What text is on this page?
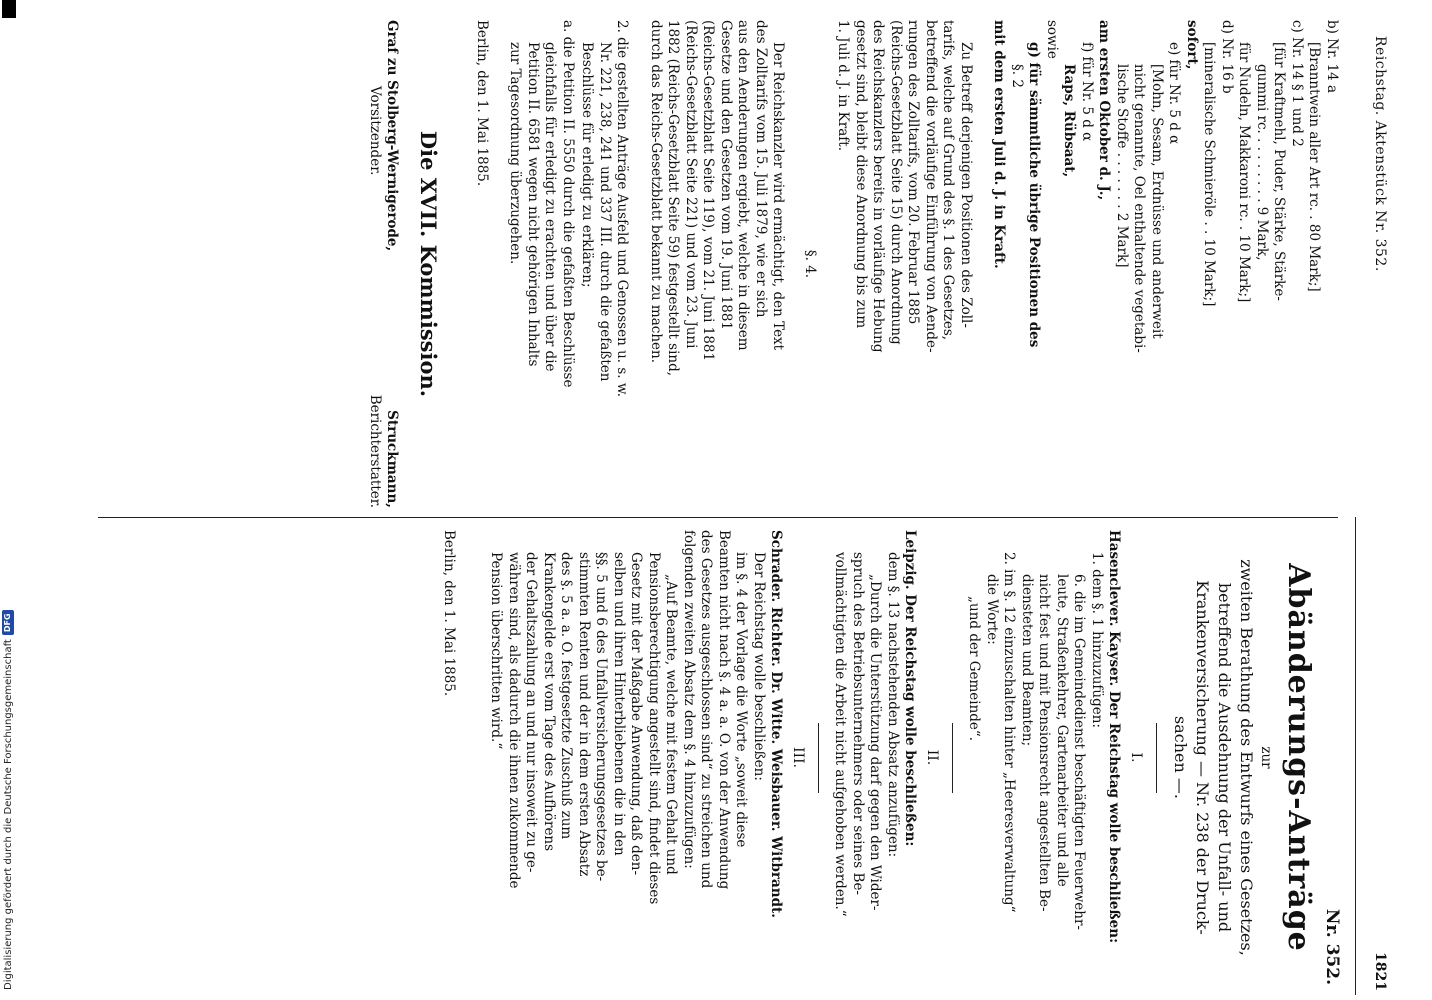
Digitalisierung gefördert durch die Deutsche Forschungsgemeinschaft
DFG
Reichstag. Aktenstück Nr. 352.
1821
b) Nr. 14 a
[Branntwein aller Art rc. . 80 Mark;]
c) Nr. 14 § 1 und 2
[für Kraftmehl, Puder, Stärke, Stärke-
gummi rc. . . . . . . . . 9 Mark,
für Nudeln, Makkaroni rc. . 10 Mark;]
d) Nr. 16 b
[mineralische Schmieröle . . 10 Mark;]
sofort,
e) für Nr. 5 d α
[Mohn, Sesam, Erdnüsse und anderweit
nicht genannte, Oel enthaltende vegetabi-
lische Stoffe . . . . . . . 2 Mark]
am ersten Oktober d. J.,
f) für Nr. 5 d α
Raps, Rübsaat,
sowie
g) für sämmtliche übrige Positionen des
§. 2
mit dem ersten Juli d. J. in Kraft.
Zu Betreff derjenigen Positionen des Zoll-
tarifs, welche auf Grund des §. 1 des Gesetzes,
betreffend die vorläufige Einführung von Aende-
rungen des Zolltarifs, vom 20. Februar 1885
(Reichs-Gesetzblatt Seite 15) durch Anordnung
des Reichskanzlers bereits in vorläufige Hebung
gesetzt sind, bleibt diese Anordnung bis zum
1. Juli d. J. in Kraft.
§. 4.
Der Reichskanzler wird ermächtigt, den Text
des Zolltarifs vom 15. Juli 1879, wie er sich
aus den Aenderungen ergiebt, welche in diesem
Gesetze und den Gesetzen vom 19. Juni 1881
(Reichs-Gesetzblatt Seite 119), vom 21. Juni 1881
(Reichs-Gesetzblatt Seite 221) und vom 23. Juni
1882 (Reichs-Gesetzblatt Seite 59) festgestellt sind,
durch das Reichs-Gesetzblatt bekannt zu machen.
2. die gestellten Anträge Ausfeld und Genossen u. s. w.
Nr. 221, 238, 241 und 337 III. durch die gefaßten
Beschlüsse für erledigt zu erklären;
a. die Petition II. 5550 durch die gefaßten Beschlüsse
gleichfalls für erledigt zu erachten und über die
Petition II. 6581 wegen nicht gehörigen Inhalts
zur Tagesordnung überzugehen.
Berlin, den 1. Mai 1885.
Die XVII. Kommission.
Graf zu Stolberg-Wernigerode,
Vorsitzender.
Struckmann,
Berichterstatter.
Nr. 352.
Abänderungs-Anträge
zur
zweiten Berathung des Entwurfs eines Gesetzes,
betreffend die Ausdehnung der Unfall- und
Krankenversicherung — Nr. 238 der Druck-
sachen —.
I.
Hasenclever. Kayser. Der Reichstag wolle beschließen:
1. dem §. 1 hinzuzufügen:
6. die im Gemeindedienst beschäftigten Feuerwehr-
leute, Straßenkehrer, Gartenarbeiter und alle
nicht fest und mit Pensionsrecht angestellten Be-
diensteten und Beamten;
2. im §. 12 einzuschalten hinter „Heeresverwaltung“
die Worte:
„und der Gemeinde“.
II.
Leipzig. Der Reichstag wolle beschließen:
dem §. 13 nachstehenden Absatz anzufügen:
„Durch die Unterstützung darf gegen den Wider-
spruch des Betriebsunternehmers oder seines Be-
vollmächtigten die Arbeit nicht aufgehoben werden.“
III.
Schrader. Richter. Dr. Witte. Weisbauer. Witbrandt.
Der Reichstag wolle beschließen:
im §. 4 der Vorlage die Worte „soweit diese
Beamten nicht nach §. 4 a. a. O. von der Anwendung
des Gesetzes ausgeschlossen sind“ zu streichen und
folgenden zweiten Absatz dem §. 4 hinzuzufügen:
„Auf Beamte, welche mit festem Gehalt und
Pensionsberechtigung angestellt sind, findet dieses
Gesetz mit der Maßgabe Anwendung, daß den-
selben und ihren Hinterbliebenen die in den
§§. 5 und 6 des Unfallversicherungsgesetzes be-
stimmten Renten und der in dem ersten Absatz
des §. 5 a. a. O. festgesetzte Zuschuß zum
Krankengelde erst vom Tage des Aufhörens
der Gehaltszahlung an und nur insoweit zu ge-
währen sind, als dadurch die ihnen zukommende
Pension überschritten wird.“
Berlin, den 1. Mai 1885.
